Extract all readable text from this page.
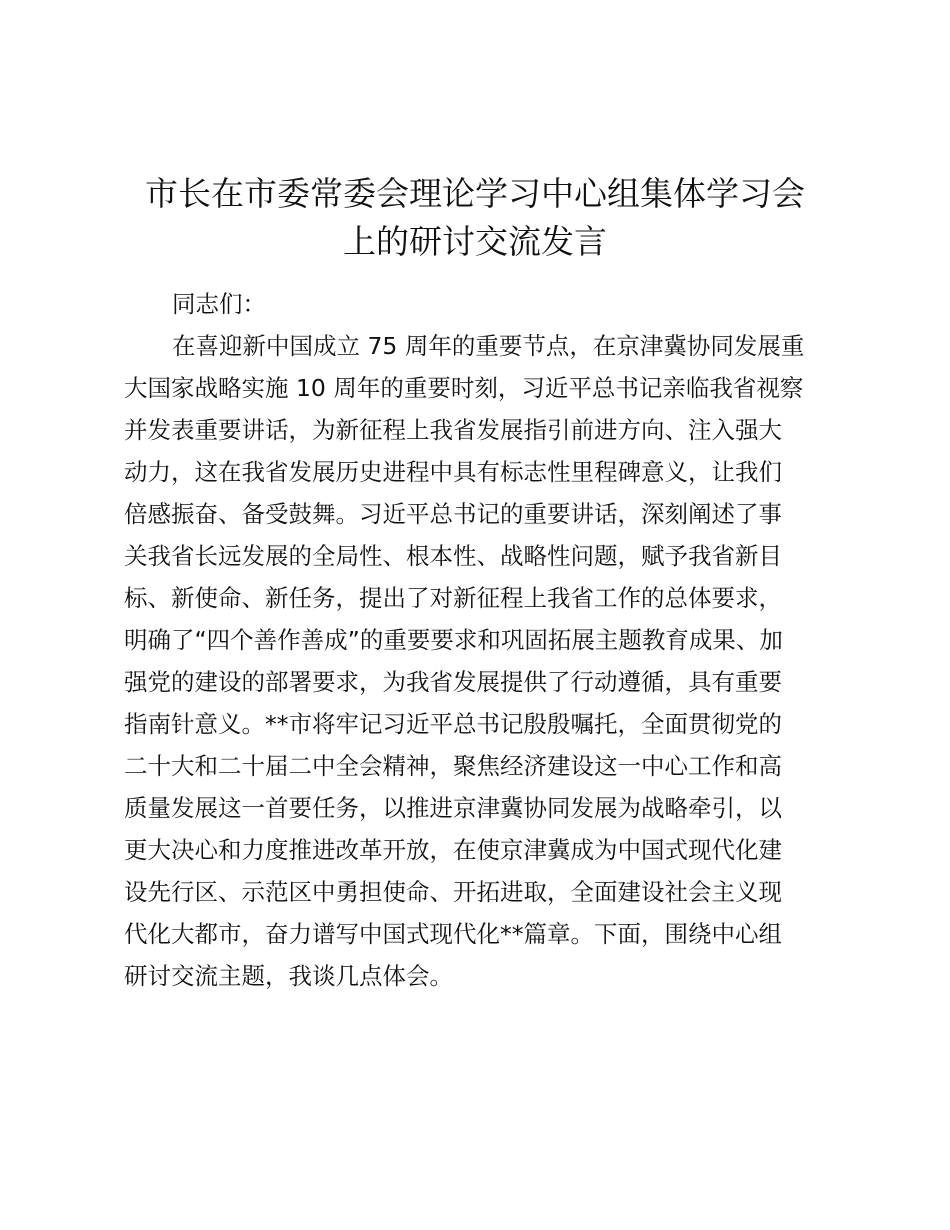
市长在市委常委会理论学习中心组集体学习会
上的研讨交流发言
同志们：
在喜迎新中国成立 75 周年的重要节点，在京津冀协同发展重
大国家战略实施 10 周年的重要时刻，习近平总书记亲临我省视察
并发表重要讲话，为新征程上我省发展指引前进方向、注入强大
动力，这在我省发展历史进程中具有标志性里程碑意义，让我们
倍感振奋、备受鼓舞。习近平总书记的重要讲话，深刻阐述了事
关我省长远发展的全局性、根本性、战略性问题，赋予我省新目
标、新使命、新任务，提出了对新征程上我省工作的总体要求，
明确了“四个善作善成”的重要要求和巩固拓展主题教育成果、加
强党的建设的部署要求，为我省发展提供了行动遵循，具有重要
指南针意义。**市将牢记习近平总书记殷殷嘱托，全面贯彻党的
二十大和二十届二中全会精神，聚焦经济建设这一中心工作和高
质量发展这一首要任务，以推进京津冀协同发展为战略牵引，以
更大决心和力度推进改革开放，在使京津冀成为中国式现代化建
设先行区、示范区中勇担使命、开拓进取，全面建设社会主义现
代化大都市，奋力谱写中国式现代化**篇章。下面，围绕中心组
研讨交流主题，我谈几点体会。
